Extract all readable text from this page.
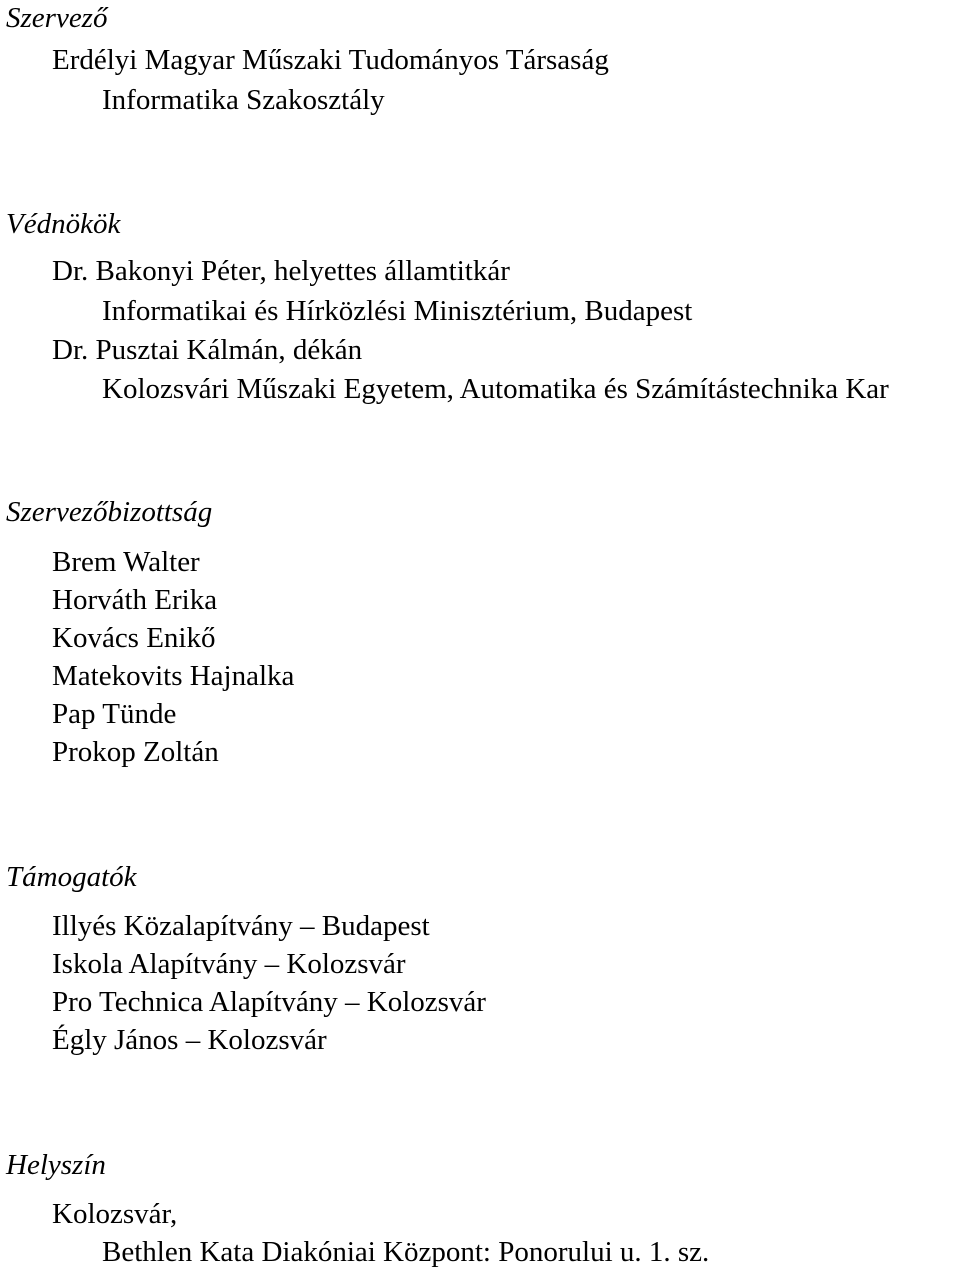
Szervező
Erdélyi Magyar Műszaki Tudományos Társaság
Informatika Szakosztály
Védnökök
Dr. Bakonyi Péter, helyettes államtitkár
Informatikai és Hírközlési Minisztérium, Budapest
Dr. Pusztai Kálmán, dékán
Kolozsvári Műszaki Egyetem, Automatika és Számítástechnika Kar
Szervezőbizottság
Brem Walter
Horváth Erika
Kovács Enikő
Matekovits Hajnalka
Pap Tünde
Prokop Zoltán
Támogatók
Illyés Közalapítvány – Budapest
Iskola Alapítvány – Kolozsvár
Pro Technica Alapítvány – Kolozsvár
Égly János – Kolozsvár
Helyszín
Kolozsvár,
Bethlen Kata Diakóniai Központ: Ponorului u. 1. sz.
